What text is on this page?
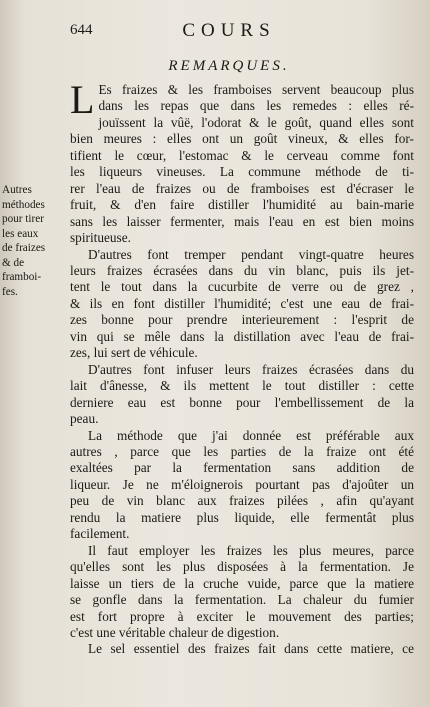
644	COURS
REMARQUES.
Autres
méthodes
pour tirer
les eaux
de fraizes
& de
framboi-
fes.
L Es fraizes & les framboises servent beaucoup plus
dans les repas que dans les remedes : elles ré-
jouïssent la vûë, l'odorat & le goût, quand elles sont
bien meures : elles ont un goût vineux, & elles for-
tifient le cœur, l'estomac & le cerveau comme font
les liqueurs vineuses. La commune méthode de ti-
rer l'eau de fraizes ou de framboises est d'écraser le
fruit, & d'en faire distiller l'humidité au bain-marie
sans les laisser fermenter, mais l'eau en est bien moins
spiritueuse.
D'autres font tremper pendant vingt-quatre heures
leurs fraizes écrasées dans du vin blanc, puis ils jet-
tent le tout dans la cucurbite de verre ou de grez ,
& ils en font distiller l'humidité; c'est une eau de frai-
zes bonne pour prendre interieurement : l'esprit de
vin qui se mêle dans la distillation avec l'eau de frai-
zes, lui sert de véhicule.
D'autres font infuser leurs fraizes écrasées dans du
lait d'ânesse, & ils mettent le tout distiller : cette
derniere eau est bonne pour l'embellissement de la
peau.
La méthode que j'ai donnée est préférable aux
autres , parce que les parties de la fraize ont été
exaltées par la fermentation sans addition de
liqueur. Je ne m'éloignerois pourtant pas d'ajoûter un
peu de vin blanc aux fraizes pilées , afin qu'ayant
rendu la matiere plus liquide, elle fermentât plus
facilement.
Il faut employer les fraizes les plus meures, parce
qu'elles sont les plus disposées à la fermentation. Je
laisse un tiers de la cruche vuide, parce que la matiere
se gonfle dans la fermentation. La chaleur du fumier
est fort propre à exciter le mouvement des parties;
c'est une véritable chaleur de digestion.
Le sel essentiel des fraizes fait dans cette matiere, ce
